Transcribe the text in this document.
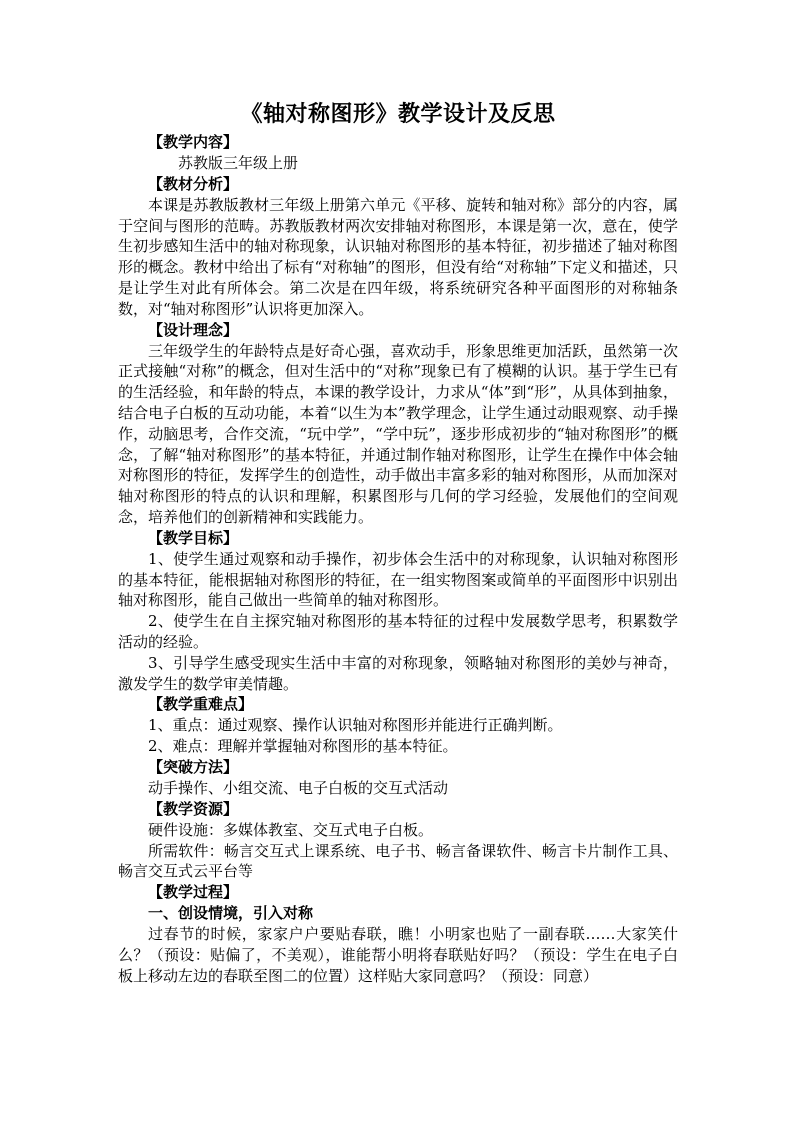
《轴对称图形》教学设计及反思

【教学内容】

苏教版三年级上册

【教材分析】

本课是苏教版教材三年级上册第六单元《平移、旋转和轴对称》部分的内容，属于空间与图形的范畴。苏教版教材两次安排轴对称图形，本课是第一次，意在，使学生初步感知生活中的轴对称现象，认识轴对称图形的基本特征，初步描述了轴对称图形的概念。教材中给出了标有“对称轴”的图形，但没有给“对称轴”下定义和描述，只是让学生对此有所体会。第二次是在四年级，将系统研究各种平面图形的对称轴条数，对“轴对称图形”认识将更加深入。

【设计理念】

三年级学生的年龄特点是好奇心强，喜欢动手，形象思维更加活跃，虽然第一次正式接触“对称”的概念，但对生活中的“对称”现象已有了模糊的认识。基于学生已有的生活经验，和年龄的特点，本课的教学设计，力求从“体”到“形”，从具体到抽象，结合电子白板的互动功能，本着“以生为本”教学理念，让学生通过动眼观察、动手操作，动脑思考，合作交流，“玩中学”，“学中玩”，逐步形成初步的“轴对称图形”的概念，了解“轴对称图形”的基本特征，并通过制作轴对称图形，让学生在操作中体会轴对称图形的特征，发挥学生的创造性，动手做出丰富多彩的轴对称图形，从而加深对轴对称图形的特点的认识和理解，积累图形与几何的学习经验，发展他们的空间观念，培养他们的创新精神和实践能力。

【教学目标】

1、使学生通过观察和动手操作，初步体会生活中的对称现象，认识轴对称图形的基本特征，能根据轴对称图形的特征，在一组实物图案或简单的平面图形中识别出轴对称图形，能自己做出一些简单的轴对称图形。

2、使学生在自主探究轴对称图形的基本特征的过程中发展数学思考，积累数学活动的经验。

3、引导学生感受现实生活中丰富的对称现象，领略轴对称图形的美妙与神奇，激发学生的数学审美情趣。

【教学重难点】

1、重点：通过观察、操作认识轴对称图形并能进行正确判断。

2、难点：理解并掌握轴对称图形的基本特征。

【突破方法】

动手操作、小组交流、电子白板的交互式活动

【教学资源】

硬件设施：多媒体教室、交互式电子白板。

所需软件：畅言交互式上课系统、电子书、畅言备课软件、畅言卡片制作工具、畅言交互式云平台等

【教学过程】

一、创设情境，引入对称

过春节的时候，家家户户要贴春联，瞧！小明家也贴了一副春联……大家笑什么？（预设：贴偏了，不美观），谁能帮小明将春联贴好吗？（预设：学生在电子白板上移动左边的春联至图二的位置）这样贴大家同意吗？（预设：同意）
